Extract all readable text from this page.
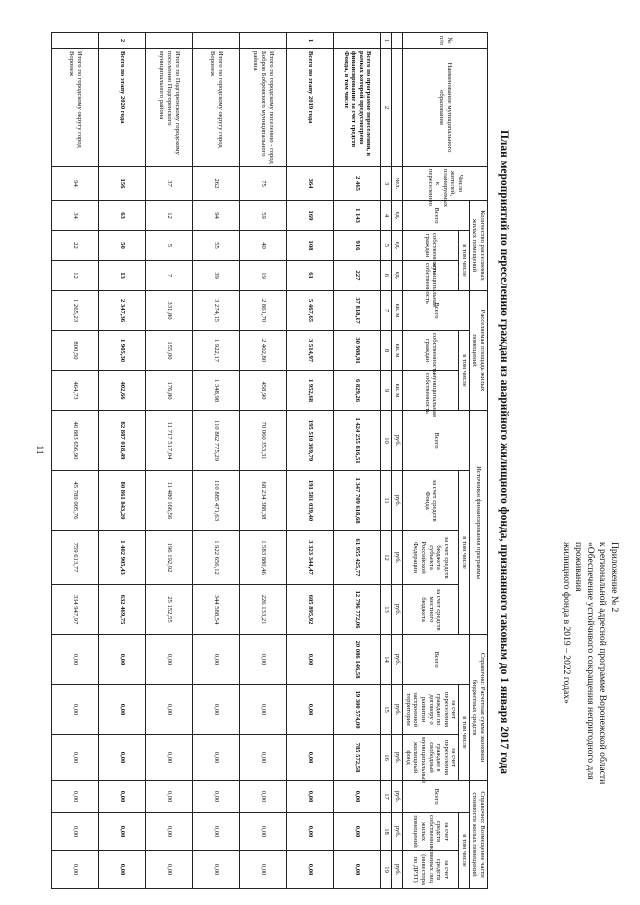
11
Приложение № 2
к региональной адресной программе Воронежской области
«Обеспечение устойчивого сокращения непригодного для проживания
жилищного фонда в 2019 – 2022 годах»
План мероприятий по переселению граждан из аварийного жилищного фонда, признанного таковым до 1 января 2017 года
№ п/п	Наименование муниципального образования	Число жителей, планируемых к переселению	Количество расселяемых жилых помещений			Расселяемая площадь жилых помещений			Источники финансирования программы				Справочно: Расчетная сумма экономии бюджетных средств			Справочно: Возмещение части стоимости жилых помещений		
			Всего	в том числе		Всего	в том числе		Всего	в том числе			Всего	в том числе		Всего	в том числе	
				собственность граждан	муниципальная собственность		собственность граждан	муниципальная собственность		за счет средств Фонда	за счет средств бюджета субъекта Российской Федерации	за счет средств местного бюджета		за счет переселения граждан по договору о развитии застроенной территории	за счет переселения граждан в свободный муниципальный жилищный фонд		за счет средств собственников жилых помещений	за счет средств иных лиц (инвестора по ДРЗТ)
		чел.	ед.	ед.	ед.	кв. м	кв. м	кв. м	руб.	руб.	руб.	руб.	руб.	руб.	руб.	руб.	руб.	руб.
1	2	3	4	5	6	7	8	9	10	11	12	13	14	15	16	17	18	19
	Всего по программе переселения, в рамках которой предусмотрено финансирование за счет средств Фонда, в том числе	2 465	1 143	916	227	37 818,17	30 988,91	6 829,26	1 424 255 816,51	1 347 709 618,68	61 955 425,77	12 796 772,06	20 086 146,58	19 300 574,00	785 572,58	0,00	0,00	0,00
1	Всего по этапу 2019 года	364	169	108	61	5 467,65	3 514,97	1 952,68	195 510 369,79	191 581 039,40	3 323 344,47	605 895,92	0,00	0,00	0,00	0,00	0,00	0,00
	Итого по городскому поселению - город Бобров Бобровского муниципального района	75	59	40	19	2 861,70	2 402,80	458,90	70 060 353,31	68 234 388,38	1 583 880,46	226 133,21	0,00	0,00	0,00	0,00	0,00	0,00
	Итого по городскому округу город Воронеж	262	94	55	39	3 274,15	1 922,17	1 348,98	110 862 775,29	110 885 471,63	1 922 656,12	344 588,54	0,00	0,00	0,00	0,00	0,00	0,00
	Итого по Подгоренскому городскому поселению Подгоренского муниципального района	37	12	5	7	331,80	155,00	176,80	11 717 517,04	11 480 166,56	196 192,92	25 152,55	0,00	0,00	0,00	0,00	0,00	0,00
2	Всего по этапу 2020 года	156	63	50	13	2 347,36	1 905,30	402,66	82 887 018,49	80 861 843,20	1 402 905,43	632 469,75	0,00	0,00	0,00	0,00	0,00	0,00
	Итого по городскому округу город Воронеж	94	34	22	12	1 265,23	800,50	464,73	46 883 656,90	45 789 005,76	759 613,77	334 947,97	0,00	0,00	0,00	0,00	0,00	0,00
